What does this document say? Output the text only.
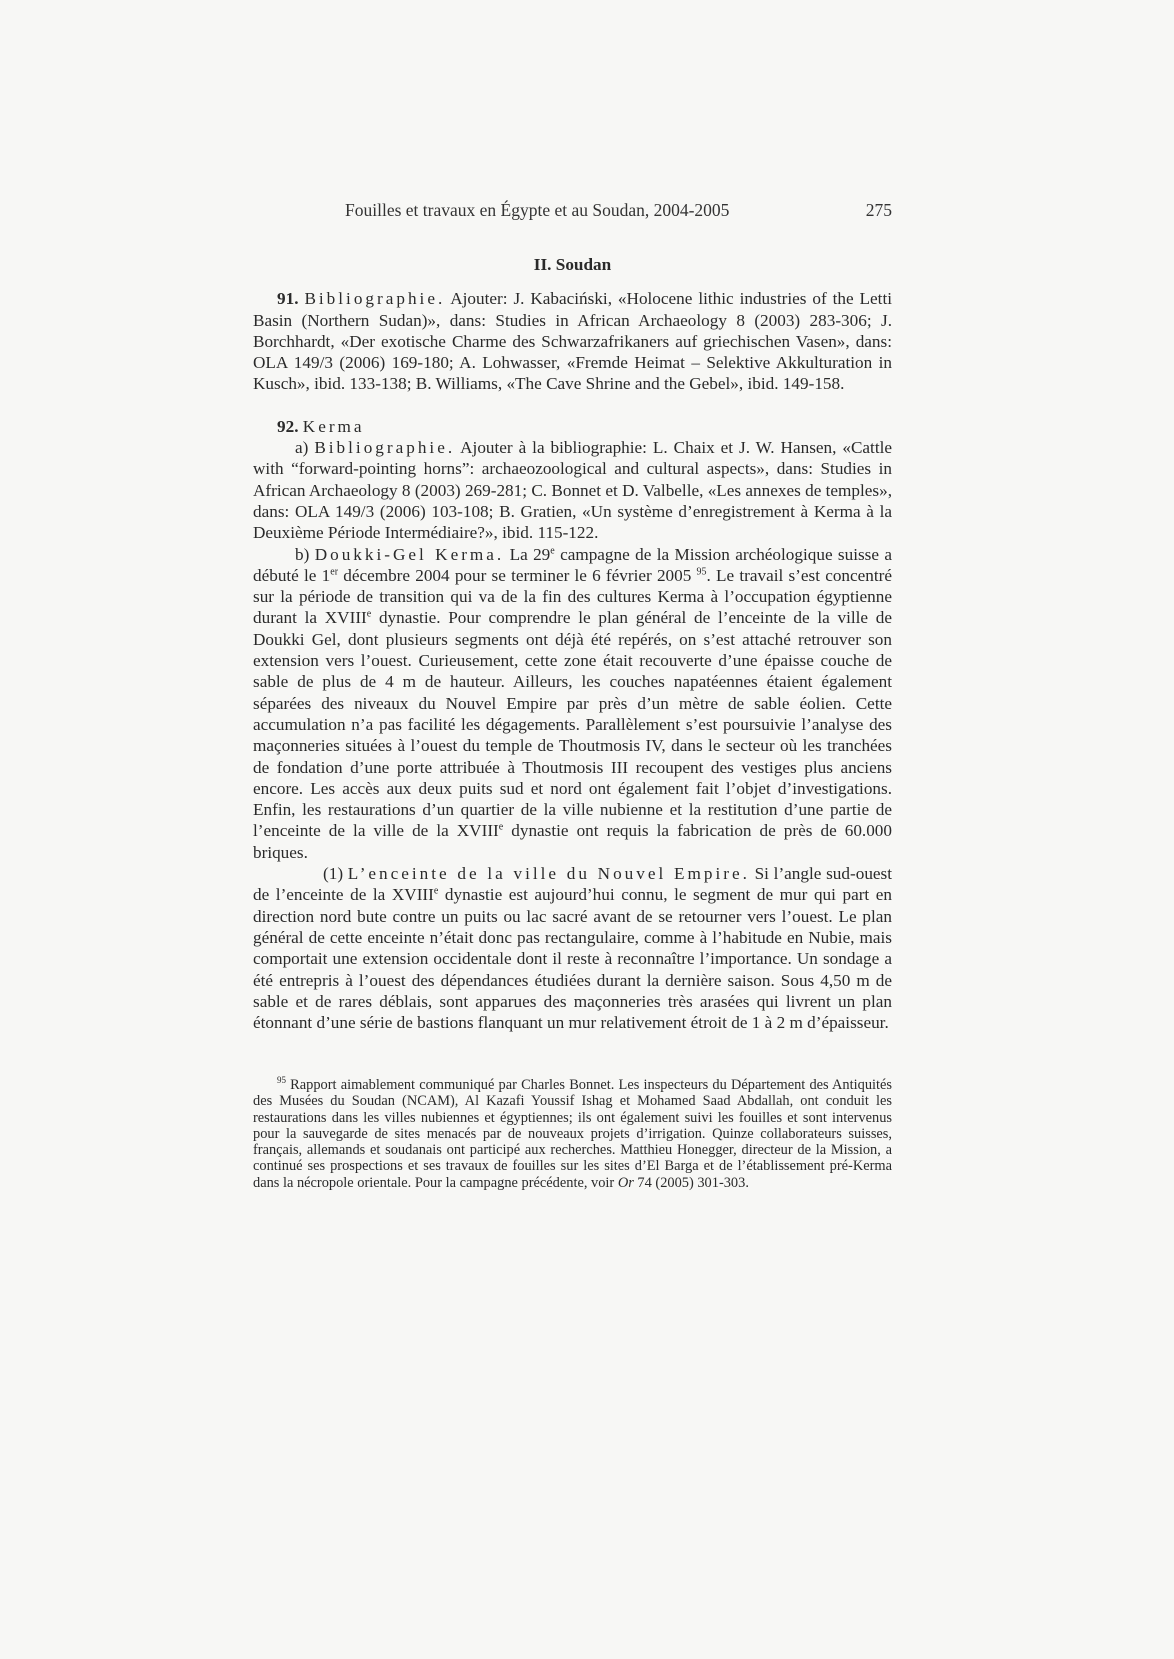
Fouilles et travaux en Égypte et au Soudan, 2004-2005	275
II. Soudan

91. Bibliographie. Ajouter: J. Kabaciński, «Holocene lithic industries of the Letti Basin (Northern Sudan)», dans: Studies in African Archaeology 8 (2003) 283-306; J. Borchhardt, «Der exotische Charme des Schwarzafrikaners auf griechischen Vasen», dans: OLA 149/3 (2006) 169-180; A. Lohwasser, «Fremde Heimat – Selektive Akkulturation in Kusch», ibid. 133-138; B. Williams, «The Cave Shrine and the Gebel», ibid. 149-158.

92. Kerma

a) Bibliographie. Ajouter à la bibliographie: L. Chaix et J. W. Hansen, «Cattle with “forward-pointing horns”: archaeozoological and cultural aspects», dans: Studies in African Archaeology 8 (2003) 269-281; C. Bonnet et D. Valbelle, «Les annexes de temples», dans: OLA 149/3 (2006) 103-108; B. Gratien, «Un système d’enregistrement à Kerma à la Deuxième Période Intermédiaire?», ibid. 115-122.

b) Doukki-Gel Kerma. La 29e campagne de la Mission archéologique suisse a débuté le 1er décembre 2004 pour se terminer le 6 février 2005 $^{95}$. Le travail s’est concentré sur la période de transition qui va de la fin des cultures Kerma à l’occupation égyptienne durant la XVIIIe dynastie. Pour comprendre le plan général de l’enceinte de la ville de Doukki Gel, dont plusieurs segments ont déjà été repérés, on s’est attaché retrouver son extension vers l’ouest. Curieusement, cette zone était recouverte d’une épaisse couche de sable de plus de 4 m de hauteur. Ailleurs, les couches napatéennes étaient également séparées des niveaux du Nouvel Empire par près d’un mètre de sable éolien. Cette accumulation n’a pas facilité les dégagements. Parallèlement s’est poursuivie l’analyse des maçonneries situées à l’ouest du temple de Thoutmosis IV, dans le secteur où les tranchées de fondation d’une porte attribuée à Thoutmosis III recoupent des vestiges plus anciens encore. Les accès aux deux puits sud et nord ont également fait l’objet d’investigations. Enfin, les restaurations d’un quartier de la ville nubienne et la restitution d’une partie de l’enceinte de la ville de la XVIIIe dynastie ont requis la fabrication de près de 60.000 briques.

(1) L’enceinte de la ville du Nouvel Empire. Si l’angle sud-ouest de l’enceinte de la XVIIIe dynastie est aujourd’hui connu, le segment de mur qui part en direction nord bute contre un puits ou lac sacré avant de se retourner vers l’ouest. Le plan général de cette enceinte n’était donc pas rectangulaire, comme à l’habitude en Nubie, mais comportait une extension occidentale dont il reste à reconnaître l’importance. Un sondage a été entrepris à l’ouest des dépendances étudiées durant la dernière saison. Sous 4,50 m de sable et de rares déblais, sont apparues des maçonneries très arasées qui livrent un plan étonnant d’une série de bastions flanquant un mur relativement étroit de 1 à 2 m d’épaisseur.

$^{95}$ Rapport aimablement communiqué par Charles Bonnet. Les inspecteurs du Département des Antiquités des Musées du Soudan (NCAM), Al Kazafi Youssif Ishag et Mohamed Saad Abdallah, ont conduit les restaurations dans les villes nubiennes et égyptiennes; ils ont également suivi les fouilles et sont intervenus pour la sauvegarde de sites menacés par de nouveaux projets d’irrigation. Quinze collaborateurs suisses, français, allemands et soudanais ont participé aux recherches. Matthieu Honegger, directeur de la Mission, a continué ses prospections et ses travaux de fouilles sur les sites d’El Barga et de l’établissement pré-Kerma dans la nécropole orientale. Pour la campagne précédente, voir Or 74 (2005) 301-303.
